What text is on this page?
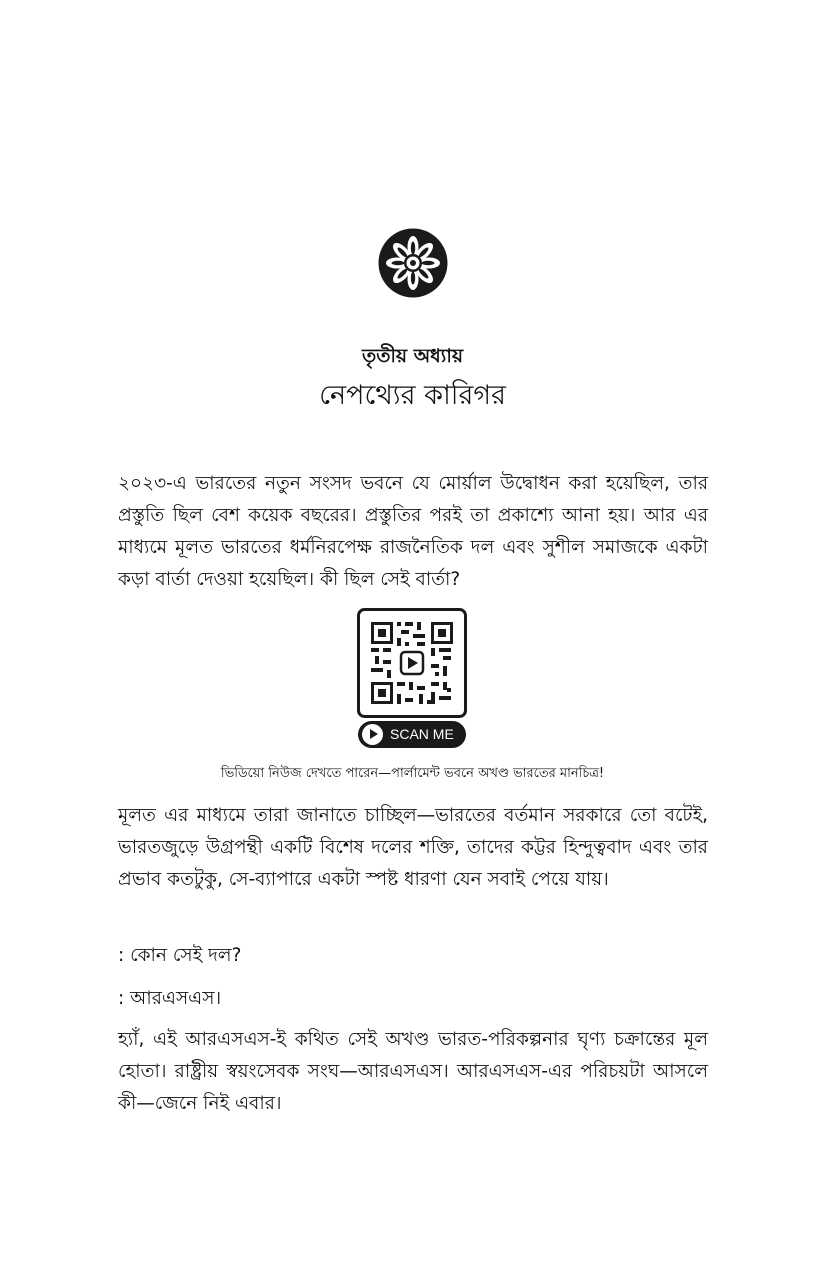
তৃতীয় অধ্যায়
নেপথ্যের কারিগর

২০২৩-এ ভারতের নতুন সংসদ ভবনে যে মোর্য়াল উদ্বোধন করা হয়েছিল, তার প্রস্তুতি ছিল বেশ কয়েক বছরের। প্রস্তুতির পরই তা প্রকাশ্যে আনা হয়। আর এর মাধ্যমে মূলত ভারতের ধর্মনিরপেক্ষ রাজনৈতিক দল এবং সুশীল সমাজকে একটা কড়া বার্তা দেওয়া হয়েছিল। কী ছিল সেই বার্তা?

SCAN ME
ভিডিয়ো নিউজ দেখতে পারেন—পার্লামেন্ট ভবনে অখণ্ড ভারতের মানচিত্র!

মূলত এর মাধ্যমে তারা জানাতে চাচ্ছিল—ভারতের বর্তমান সরকারে তো বটেই, ভারতজুড়ে উগ্রপন্থী একটি বিশেষ দলের শক্তি, তাদের কট্টর হিন্দুত্ববাদ এবং তার প্রভাব কতটুকু, সে-ব্যাপারে একটা স্পষ্ট ধারণা যেন সবাই পেয়ে যায়।

: কোন সেই দল?

: আরএসএস।

হ্যাঁ, এই আরএসএস-ই কথিত সেই অখণ্ড ভারত-পরিকল্পনার ঘৃণ্য চক্রান্তের মূল হোতা। রাষ্ট্রীয় স্বয়ংসেবক সংঘ—আরএসএস। আরএসএস-এর পরিচয়টা আসলে কী—জেনে নিই এবার।
